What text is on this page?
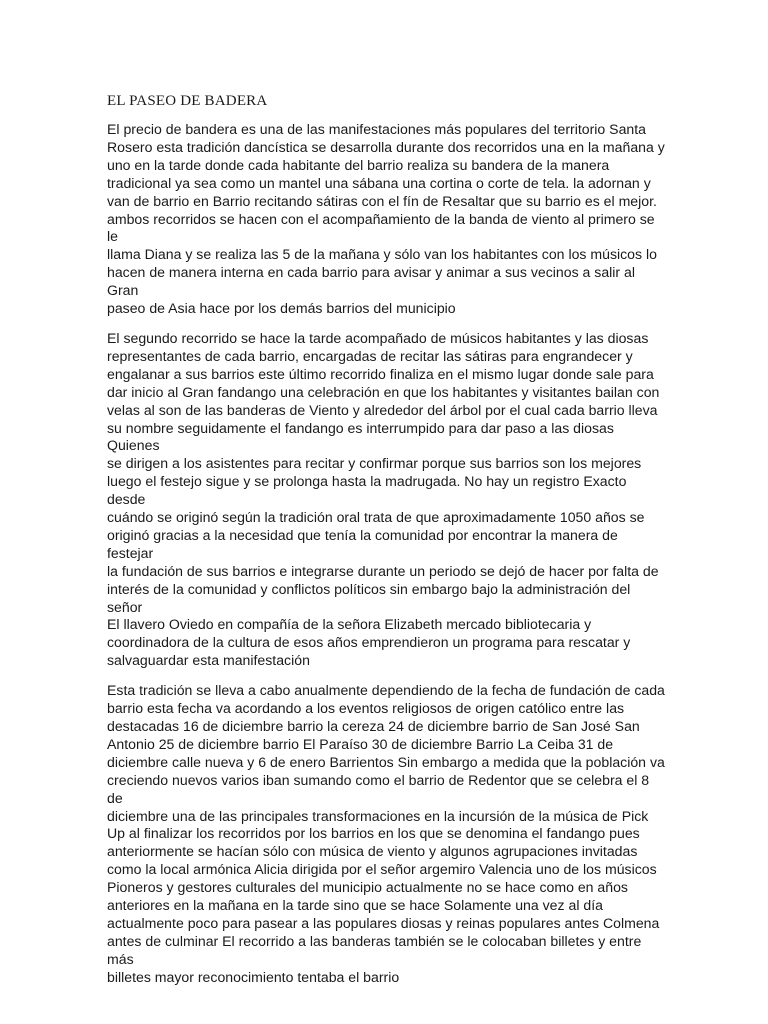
EL PASEO DE BADERA

El precio de bandera es una de las manifestaciones más populares del territorio Santa
Rosero esta tradición dancística se desarrolla durante dos recorridos una en la mañana y
uno en la tarde donde cada habitante del barrio realiza su bandera de la manera
tradicional ya sea como un mantel una sábana una cortina o corte de tela. la adornan y
van de barrio en Barrio recitando sátiras con el fín de Resaltar que su barrio es el mejor.
ambos recorridos se hacen con el acompañamiento de la banda de viento al primero se le
llama Diana y se realiza las 5 de la mañana y sólo van los habitantes con los músicos lo
hacen de manera interna en cada barrio para avisar y animar a sus vecinos a salir al Gran
paseo de Asia hace por los demás barrios del municipio

El segundo recorrido se hace la tarde acompañado de músicos habitantes y las diosas
representantes de cada barrio, encargadas de recitar las sátiras para engrandecer y
engalanar a sus barrios este último recorrido finaliza en el mismo lugar donde sale para
dar inicio al Gran fandango una celebración en que los habitantes y visitantes bailan con
velas al son de las banderas de Viento y alrededor del árbol por el cual cada barrio lleva
su nombre seguidamente el fandango es interrumpido para dar paso a las diosas Quienes
se dirigen a los asistentes para recitar y confirmar porque sus barrios son los mejores
luego el festejo sigue y se prolonga hasta la madrugada. No hay un registro Exacto desde
cuándo se originó según la tradición oral trata de que aproximadamente 1050 años se
originó gracias a la necesidad que tenía la comunidad por encontrar la manera de festejar
la fundación de sus barrios e integrarse durante un periodo se dejó de hacer por falta de
interés de la comunidad y conflictos políticos sin embargo bajo la administración del señor
El llavero Oviedo en compañía de la señora Elizabeth mercado bibliotecaria y
coordinadora de la cultura de esos años emprendieron un programa para rescatar y
salvaguardar esta manifestación

Esta tradición se lleva a cabo anualmente dependiendo de la fecha de fundación de cada
barrio esta fecha va acordando a los eventos religiosos de origen católico entre las
destacadas 16 de diciembre barrio la cereza 24 de diciembre barrio de San José San
Antonio 25 de diciembre barrio El Paraíso 30 de diciembre Barrio La Ceiba 31 de
diciembre calle nueva y 6 de enero Barrientos Sin embargo a medida que la población va
creciendo nuevos varios iban sumando como el barrio de Redentor que se celebra el 8 de
diciembre una de las principales transformaciones en la incursión de la música de Pick
Up al finalizar los recorridos por los barrios en los que se denomina el fandango pues
anteriormente se hacían sólo con música de viento y algunos agrupaciones invitadas
como la local armónica Alicia dirigida por el señor argemiro Valencia uno de los músicos
Pioneros y gestores culturales del municipio actualmente no se hace como en años
anteriores en la mañana en la tarde sino que se hace Solamente una vez al día
actualmente poco para pasear a las populares diosas y reinas populares antes Colmena
antes de culminar El recorrido a las banderas también se le colocaban billetes y entre más
billetes mayor reconocimiento tentaba el barrio
